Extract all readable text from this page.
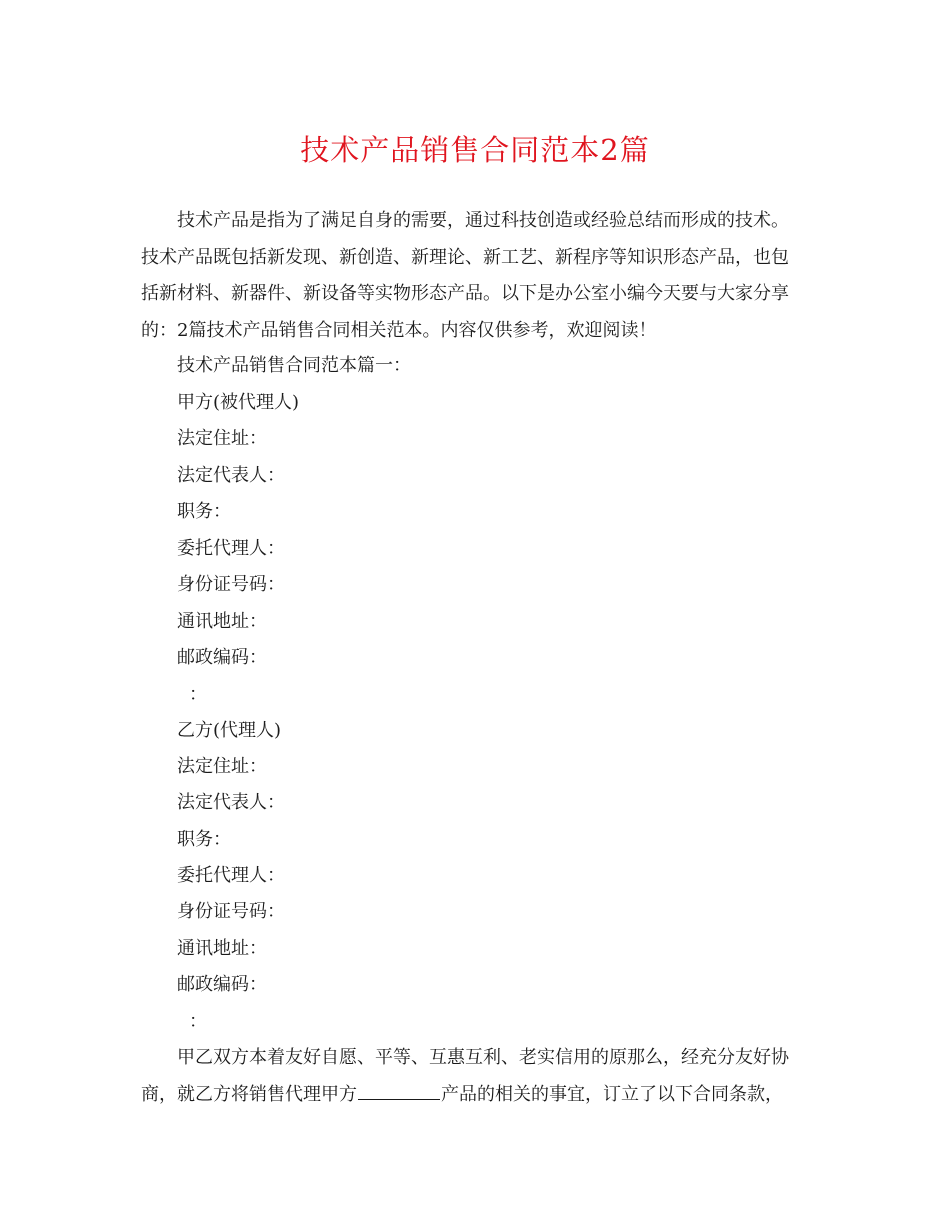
技术产品销售合同范本2篇

技术产品是指为了满足自身的需要，通过科技创造或经验总结而形成的技术。
技术产品既包括新发现、新创造、新理论、新工艺、新程序等知识形态产品，也包
括新材料、新器件、新设备等实物形态产品。以下是办公室小编今天要与大家分享
的：2篇技术产品销售合同相关范本。内容仅供参考，欢迎阅读！

技术产品销售合同范本篇一：

甲方(被代理人)

法定住址：

法定代表人：

职务：

委托代理人：

身份证号码：

通讯地址：

邮政编码：

：

乙方(代理人)

法定住址：

法定代表人：

职务：

委托代理人：

身份证号码：

通讯地址：

邮政编码：

：

甲乙双方本着友好自愿、平等、互惠互利、老实信用的原那么，经充分友好协
商，就乙方将销售代理甲方	产品的相关的事宜，订立了以下合同条款，
